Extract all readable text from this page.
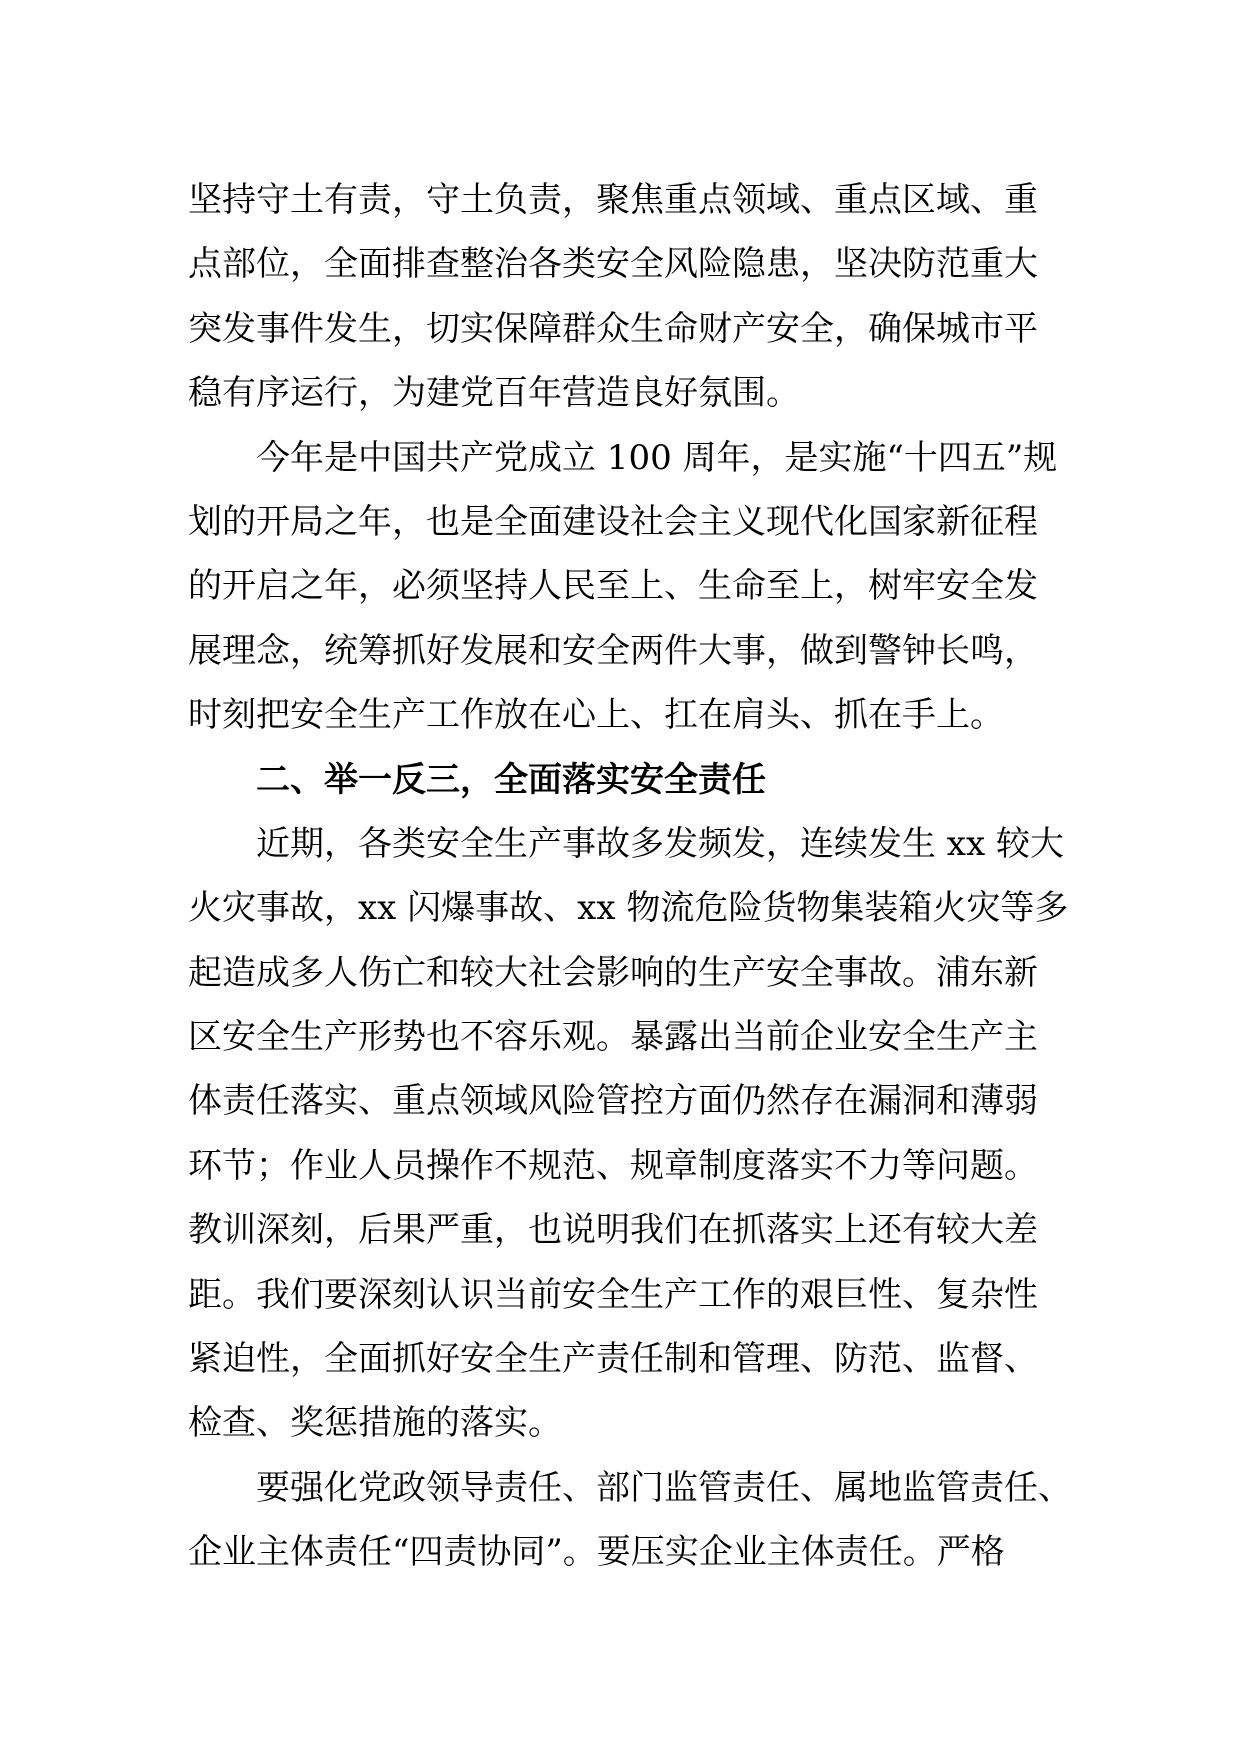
坚持守土有责，守土负责，聚焦重点领域、重点区域、重
点部位，全面排查整治各类安全风险隐患，坚决防范重大
突发事件发生，切实保障群众生命财产安全，确保城市平
稳有序运行，为建党百年营造良好氛围。
今年是中国共产党成立 100 周年，是实施“十四五”规
划的开局之年，也是全面建设社会主义现代化国家新征程
的开启之年，必须坚持人民至上、生命至上，树牢安全发
展理念，统筹抓好发展和安全两件大事，做到警钟长鸣，
时刻把安全生产工作放在心上、扛在肩头、抓在手上。
二、举一反三，全面落实安全责任
近期，各类安全生产事故多发频发，连续发生 xx 较大
火灾事故，xx 闪爆事故、xx 物流危险货物集装箱火灾等多
起造成多人伤亡和较大社会影响的生产安全事故。浦东新
区安全生产形势也不容乐观。暴露出当前企业安全生产主
体责任落实、重点领域风险管控方面仍然存在漏洞和薄弱
环节；作业人员操作不规范、规章制度落实不力等问题。
教训深刻，后果严重，也说明我们在抓落实上还有较大差
距。我们要深刻认识当前安全生产工作的艰巨性、复杂性
紧迫性，全面抓好安全生产责任制和管理、防范、监督、
检查、奖惩措施的落实。
要强化党政领导责任、部门监管责任、属地监管责任、
企业主体责任“四责协同”。要压实企业主体责任。严格
